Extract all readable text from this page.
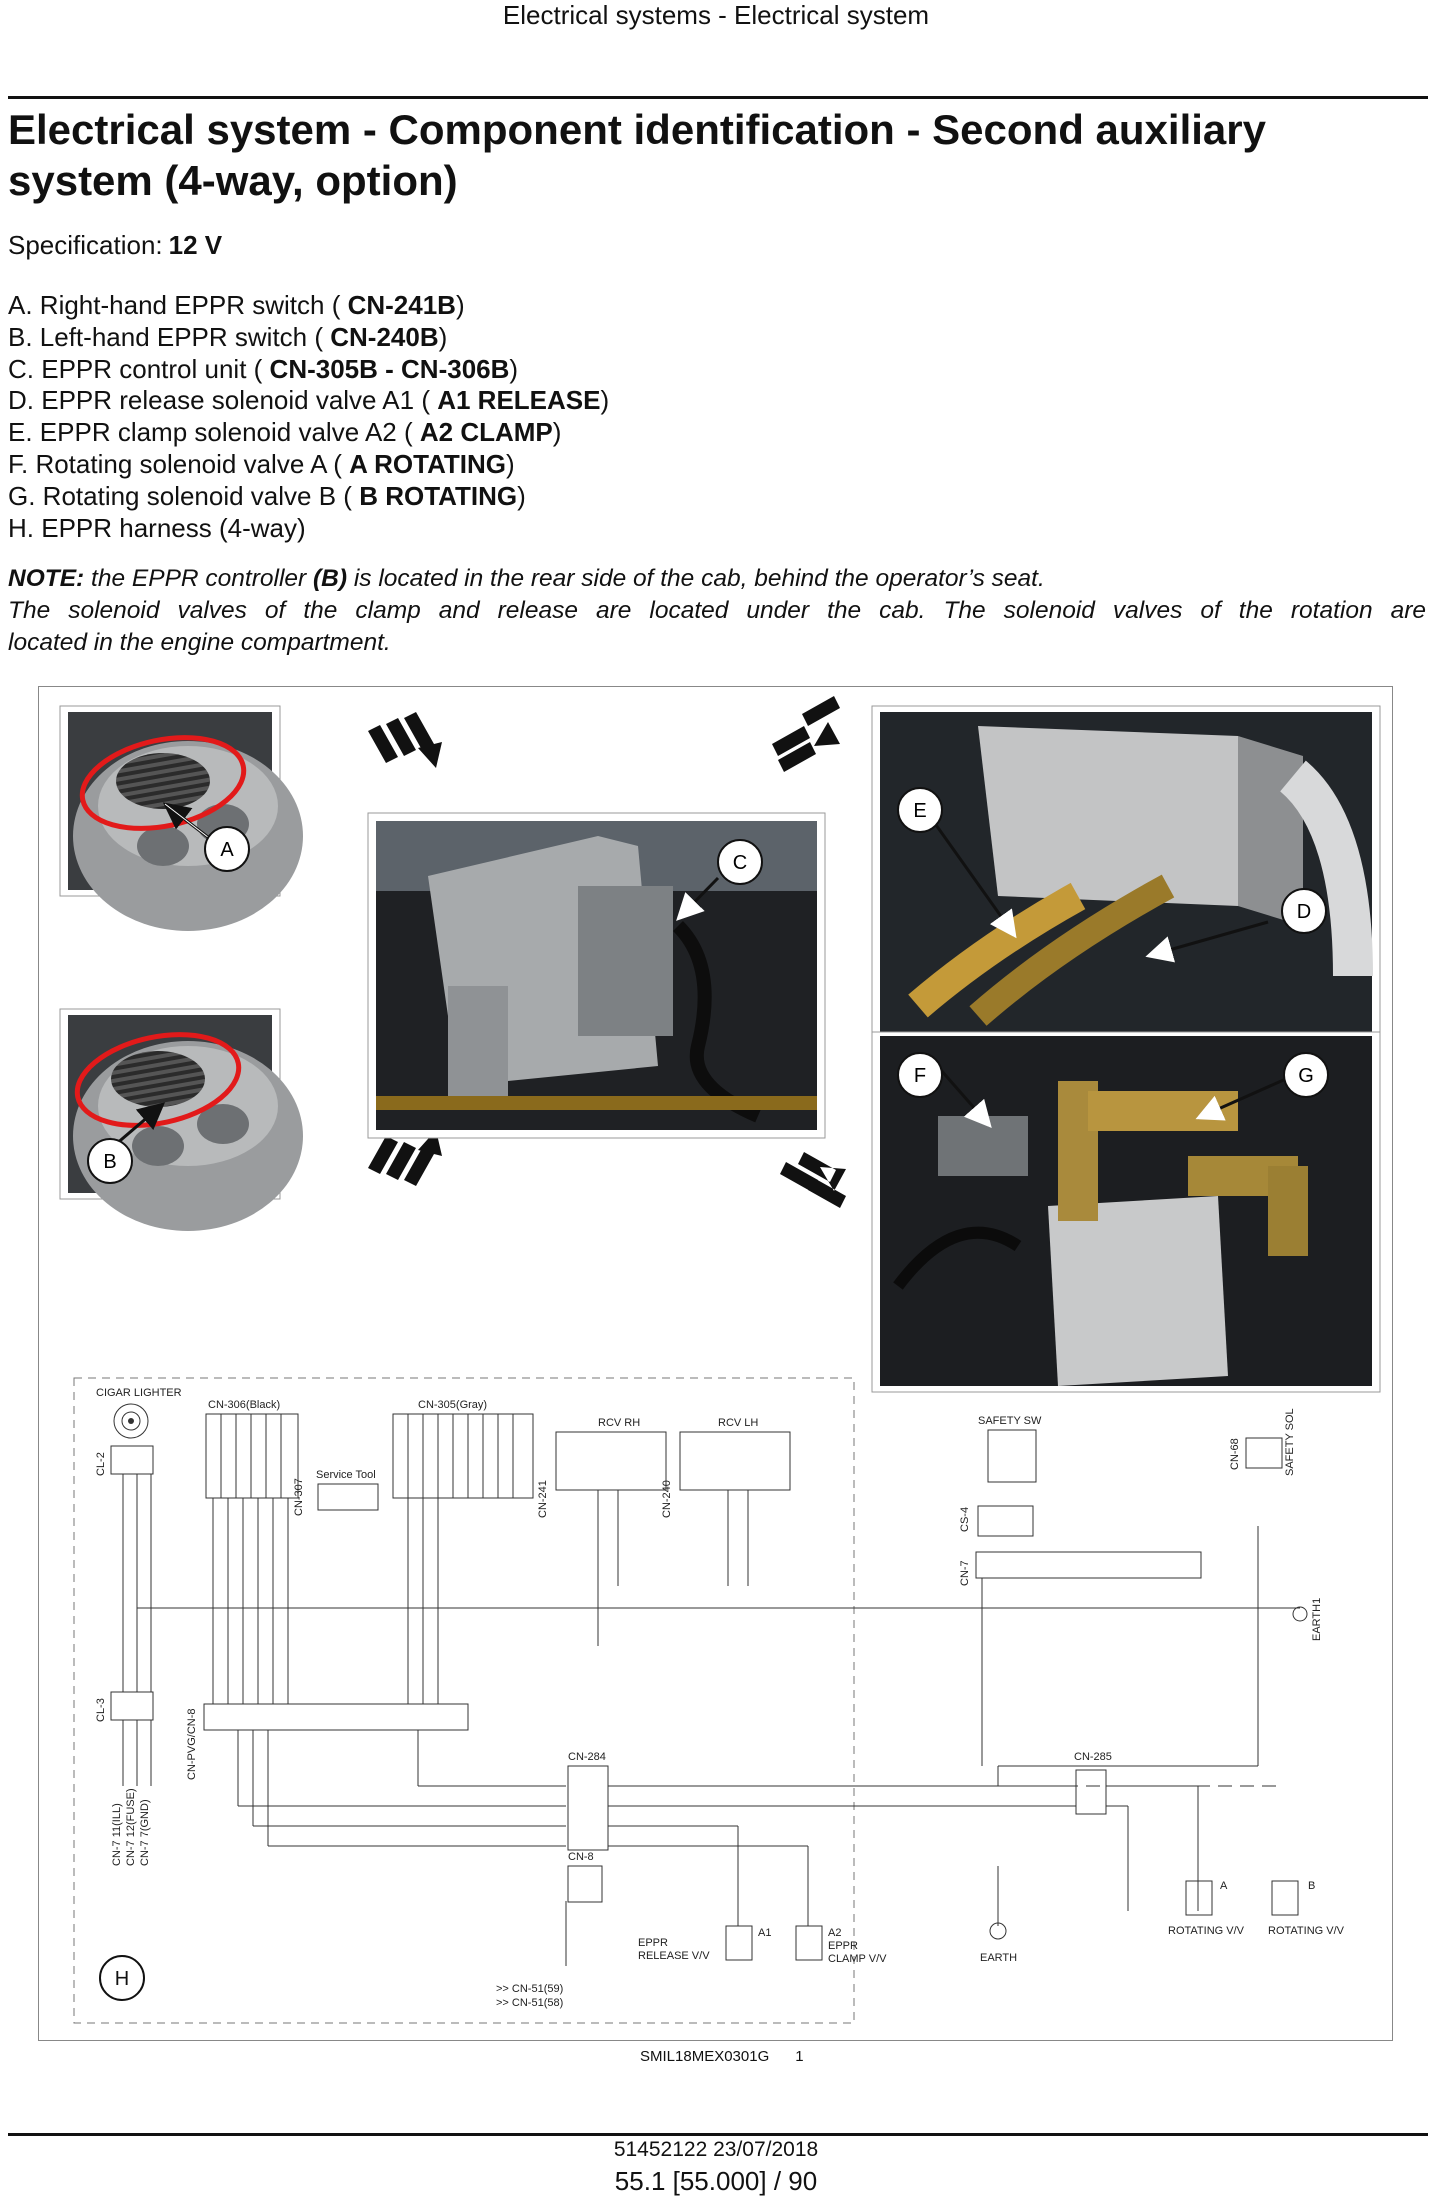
Electrical systems - Electrical system
Electrical system - Component identification - Second auxiliary system (4-way, option)
Specification: 12 V
A. Right-hand EPPR switch ( CN-241B)
B. Left-hand EPPR switch ( CN-240B)
C. EPPR control unit ( CN-305B - CN-306B)
D. EPPR release solenoid valve A1 ( A1 RELEASE)
E. EPPR clamp solenoid valve A2 ( A2 CLAMP)
F. Rotating solenoid valve A ( A ROTATING)
G. Rotating solenoid valve B ( B ROTATING)
H. EPPR harness (4-way)

NOTE: the EPPR controller (B) is located in the rear side of the cab, behind the operator’s seat.

The solenoid valves of the clamp and release are located under the cab. The solenoid valves of the rotation are

located in the engine compartment.

A
B
C
E
D
F	G
CIGAR LIGHTER
CN-306(Black)	CN-305(Gray)
Service Tool
CN-307
RCV RH	RCV LH
CN-241	CN-240
SAFETY SW
CS-4
CN-7
CN-68	SAFETY SOL
EARTH1
CL-2
CL-3	CN-PVG/CN-8
CN-7 11(ILL) CN-7 12(FUSE) CN-7 7(GND)
CN-284	CN-285
CN-8
A1	A2
EPPR
RELEASE V/V
EPPR
CLAMP V/V	EARTH
A	B
ROTATING V/V ROTATING V/V
>> CN-51(59)
>> CN-51(58)
H
SMIL18MEX0301G 1
51452122 23/07/2018
55.1 [55.000] / 90
